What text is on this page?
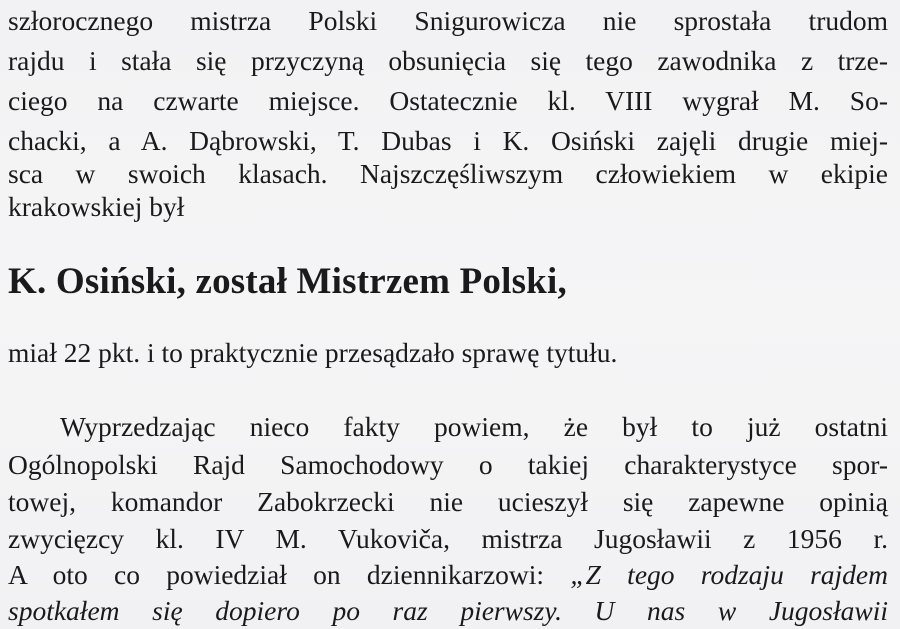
szłorocznego mistrza Polski Snigurowicza nie sprostała trudom
rajdu i stała się przyczyną obsunięcia się tego zawodnika z trze-
ciego na czwarte miejsce. Ostatecznie kl. VIII wygrał M. So-
chacki, a A. Dąbrowski, T. Dubas i K. Osiński zajęli drugie miej-
sca w swoich klasach. Najszczęśliwszym człowiekiem w ekipie
krakowskiej był
K. Osiński, został Mistrzem Polski,
miał 22 pkt. i to praktycznie przesądzało sprawę tytułu.
Wyprzedzając nieco fakty powiem, że był to już ostatni
Ogólnopolski Rajd Samochodowy o takiej charakterystyce spor-
towej, komandor Zabokrzecki nie ucieszył się zapewne opinią
zwycięzcy kl. IV M. Vukoviča, mistrza Jugosławii z 1956 r.
A oto co powiedział on dziennikarzowi: „Z tego rodzaju rajdem
spotkałem się dopiero po raz pierwszy. U nas w Jugosławii
